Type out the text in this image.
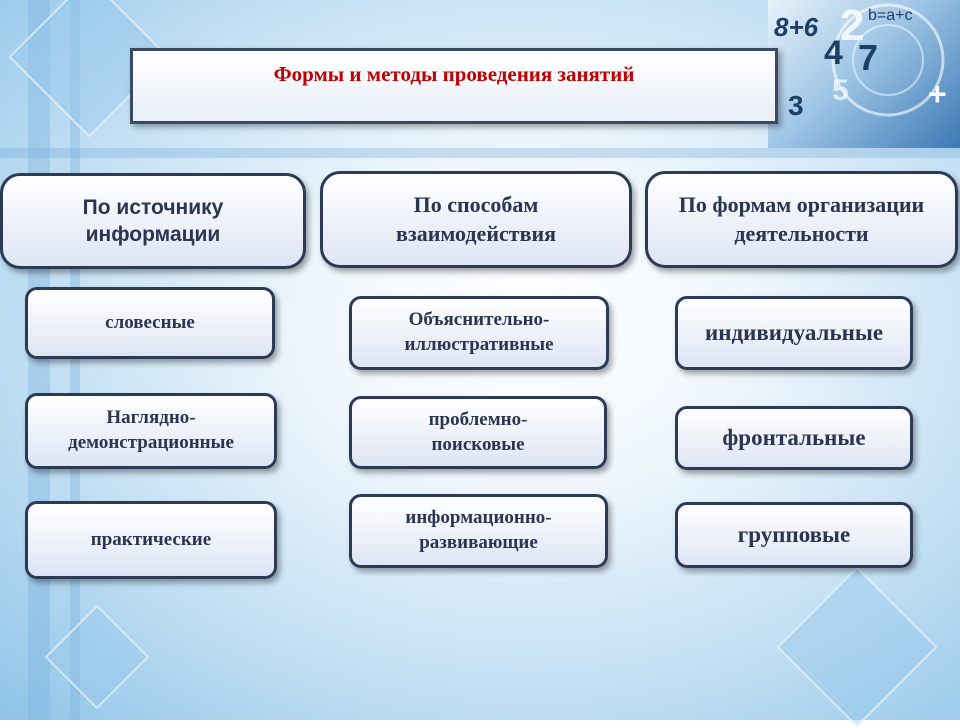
8+6 2
4 7
b=a+c
5
3	+
Формы и методы проведения занятий
По источнику
информации
словесные
Наглядно-
демонстрационные
практические
По способам
взаимодействия
Объяснительно-
иллюстративные
проблемно-
поисковые
информационно-
развивающие
По формам организации
деятельности
индивидуальные
фронтальные
групповые
